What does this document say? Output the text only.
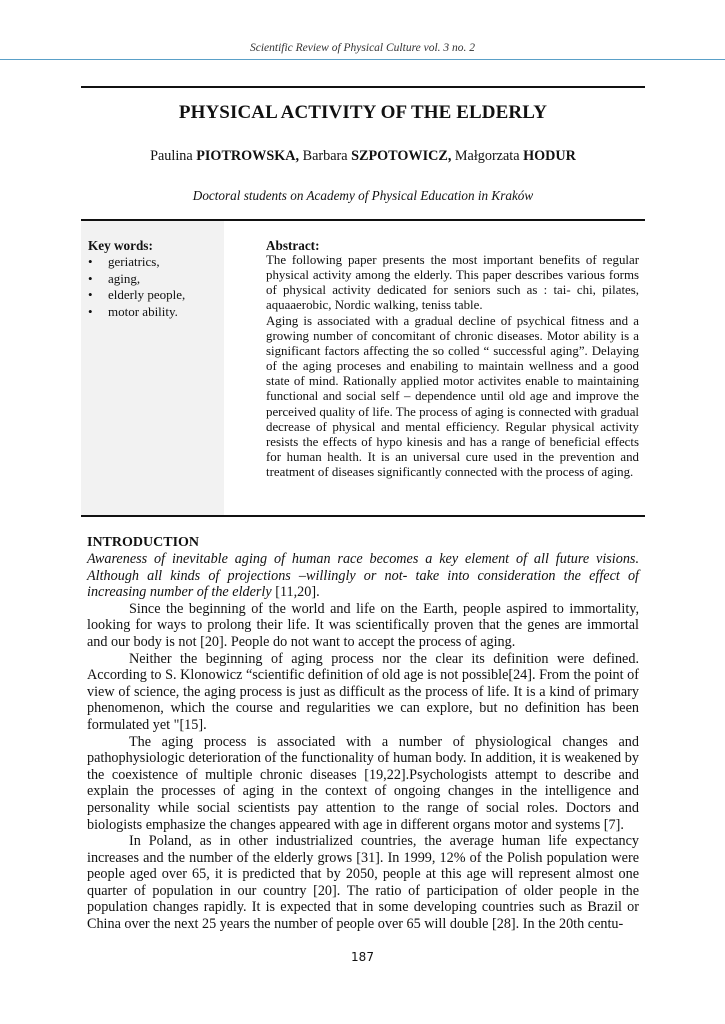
Scientific Review of Physical Culture vol. 3 no. 2
PHYSICAL ACTIVITY OF THE ELDERLY
Paulina PIOTROWSKA, Barbara SZPOTOWICZ, Małgorzata HODUR
Doctoral students on Academy of Physical Education in Kraków
Key words:
• geriatrics,
• aging,
• elderly people,
• motor ability.
Abstract:

The following paper presents the most important benefits of regular physical activity among the elderly. This paper describes various forms of physical activity dedicated for seniors such as : tai- chi, pilates, aquaaerobic, Nordic walking, teniss table.

Aging is associated with a gradual decline of psychical fitness and a growing number of concomitant of chronic diseases. Motor ability is a significant factors affecting the so colled “ successful aging”. Delaying of the aging proceses and enabiling to maintain wellness and a good state of mind. Rationally applied motor activites enable to maintaining functional and social self – dependence until old age and improve the perceived quality of life. The process of aging is connected with gradual decrease of physical and mental efficiency. Regular physical activity resists the effects of hypo kinesis and has a range of beneficial effects for human health. It is an universal cure used in the prevention and treatment of diseases significantly connected with the process of aging.

INTRODUCTION

Awareness of inevitable aging of human race becomes a key element of all future visions. Although all kinds of projections –willingly or not- take into consideration the effect of increasing number of the elderly [11,20].

Since the beginning of the world and life on the Earth, people aspired to immortality, looking for ways to prolong their life. It was scientifically proven that the genes are immortal and our body is not [20]. People do not want to accept the process of aging.

Neither the beginning of aging process nor the clear its definition were defined. According to S. Klonowicz “scientific definition of old age is not possible[24]. From the point of view of science, the aging process is just as difficult as the process of life. It is a kind of primary phenomenon, which the course and regularities we can explore, but no definition has been formulated yet "[15].

The aging process is associated with a number of physiological changes and pathophysiologic deterioration of the functionality of human body. In addition, it is weakened by the coexistence of multiple chronic diseases [19,22].Psychologists attempt to describe and explain the processes of aging in the context of ongoing changes in the intelligence and personality while social scientists pay attention to the range of social roles. Doctors and biologists emphasize the changes appeared with age in different organs motor and systems [7].

In Poland, as in other industrialized countries, the average human life expectancy increases and the number of the elderly grows [31]. In 1999, 12% of the Polish population were people aged over 65, it is predicted that by 2050, people at this age will represent almost one quarter of population in our country [20]. The ratio of participation of older people in the population changes rapidly. It is expected that in some developing countries such as Brazil or China over the next 25 years the number of people over 65 will double [28]. In the 20th centu-

187
